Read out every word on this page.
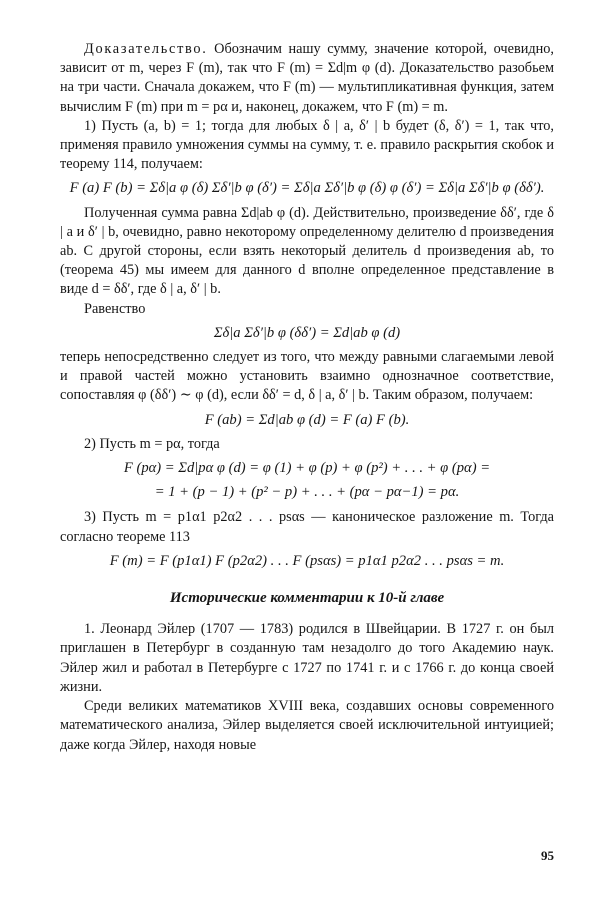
Доказательство. Обозначим нашу сумму, значение которой, очевидно, зависит от m, через F (m), так что F (m) = Σd|m φ (d). Доказательство разобьем на три части. Сначала докажем, что F (m) — мультипликативная функция, затем вычислим F (m) при m = pα и, наконец, докажем, что F (m) = m.

1) Пусть (a, b) = 1; тогда для любых δ | a, δ′ | b будет (δ, δ′) = 1, так что, применяя правило умножения суммы на сумму, т. е. правило раскрытия скобок и теорему 114, получаем:

F (a) F (b) = Σδ|a φ (δ) Σδ′|b φ (δ′) = Σδ|a Σδ′|b φ (δ) φ (δ′) = Σδ|a Σδ′|b φ (δδ′).

Полученная сумма равна Σd|ab φ (d). Действительно, произведение δδ′, где δ | a и δ′ | b, очевидно, равно некоторому определенному делителю d произведения ab. С другой стороны, если взять некоторый делитель d произведения ab, то (теорема 45) мы имеем для данного d вполне определенное представление в виде d = δδ′, где δ | a, δ′ | b.

Равенство

Σδ|a Σδ′|b φ (δδ′) = Σd|ab φ (d)

теперь непосредственно следует из того, что между равными слагаемыми левой и правой частей можно установить взаимно однозначное соответствие, сопоставляя φ (δδ′) ∼ φ (d), если δδ′ = d, δ | a, δ′ | b. Таким образом, получаем:

F (ab) = Σd|ab φ (d) = F (a) F (b).

2) Пусть m = pα, тогда

F (pα) = Σd|pα φ (d) = φ (1) + φ (p) + φ (p²) + . . . + φ (pα) =
= 1 + (p − 1) + (p² − p) + . . . + (pα − pα−1) = pα.

3) Пусть m = p1α1 p2α2 . . . psαs — каноническое разложение m. Тогда согласно теореме 113

F (m) = F (p1α1) F (p2α2) . . . F (psαs) = p1α1 p2α2 . . . psαs = m.
Исторические комментарии к 10-й главе

1. Леонард Эйлер (1707 — 1783) родился в Швейцарии. В 1727 г. он был приглашен в Петербург в созданную там незадолго до того Академию наук. Эйлер жил и работал в Петербурге с 1727 по 1741 г. и с 1766 г. до конца своей жизни.

Среди великих математиков XVIII века, создавших основы современного математического анализа, Эйлер выделяется своей исключительной интуицией; даже когда Эйлер, находя новые

95
